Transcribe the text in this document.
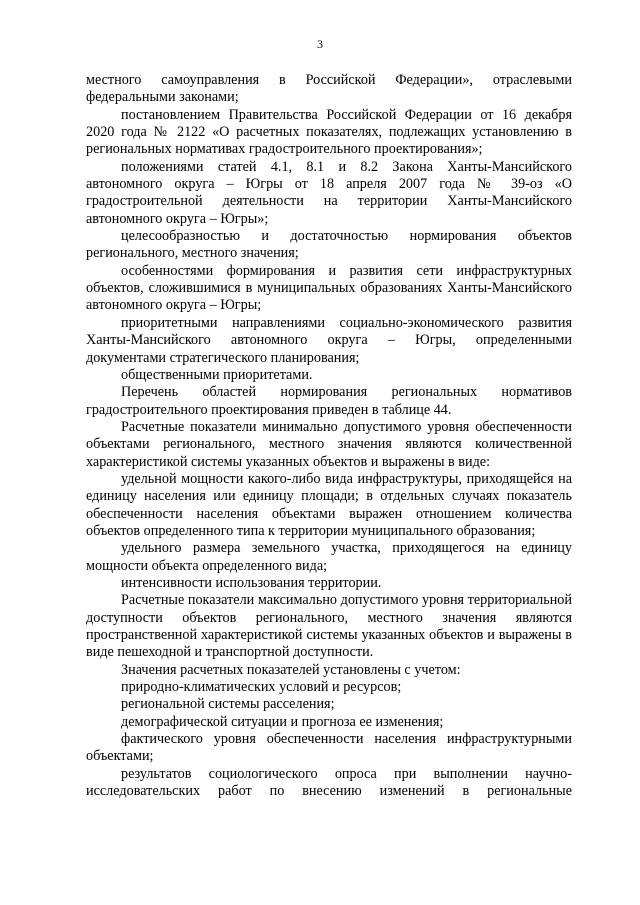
3

местного самоуправления в Российской Федерации», отраслевыми федеральными законами;

постановлением Правительства Российской Федерации от 16 декабря 2020 года № 2122 «О расчетных показателях, подлежащих установлению в региональных нормативах градостроительного проектирования»;

положениями статей 4.1, 8.1 и 8.2 Закона Ханты-Мансийского автономного округа – Югры от 18 апреля 2007 года № 39-оз «О градостроительной деятельности на территории Ханты-Мансийского автономного округа – Югры»;

целесообразностью и достаточностью нормирования объектов регионального, местного значения;

особенностями формирования и развития сети инфраструктурных объектов, сложившимися в муниципальных образованиях Ханты-Мансийского автономного округа – Югры;

приоритетными направлениями социально-экономического развития Ханты-Мансийского автономного округа – Югры, определенными документами стратегического планирования;

общественными приоритетами.

Перечень областей нормирования региональных нормативов градостроительного проектирования приведен в таблице 44.

Расчетные показатели минимально допустимого уровня обеспеченности объектами регионального, местного значения являются количественной характеристикой системы указанных объектов и выражены в виде:

удельной мощности какого-либо вида инфраструктуры, приходящейся на единицу населения или единицу площади; в отдельных случаях показатель обеспеченности населения объектами выражен отношением количества объектов определенного типа к территории муниципального образования;

удельного размера земельного участка, приходящегося на единицу мощности объекта определенного вида;

интенсивности использования территории.

Расчетные показатели максимально допустимого уровня территориальной доступности объектов регионального, местного значения являются пространственной характеристикой системы указанных объектов и выражены в виде пешеходной и транспортной доступности.

Значения расчетных показателей установлены с учетом:

природно-климатических условий и ресурсов;

региональной системы расселения;

демографической ситуации и прогноза ее изменения;

фактического уровня обеспеченности населения инфраструктурными объектами;

результатов социологического опроса при выполнении научно-исследовательских работ по внесению изменений в региональные
